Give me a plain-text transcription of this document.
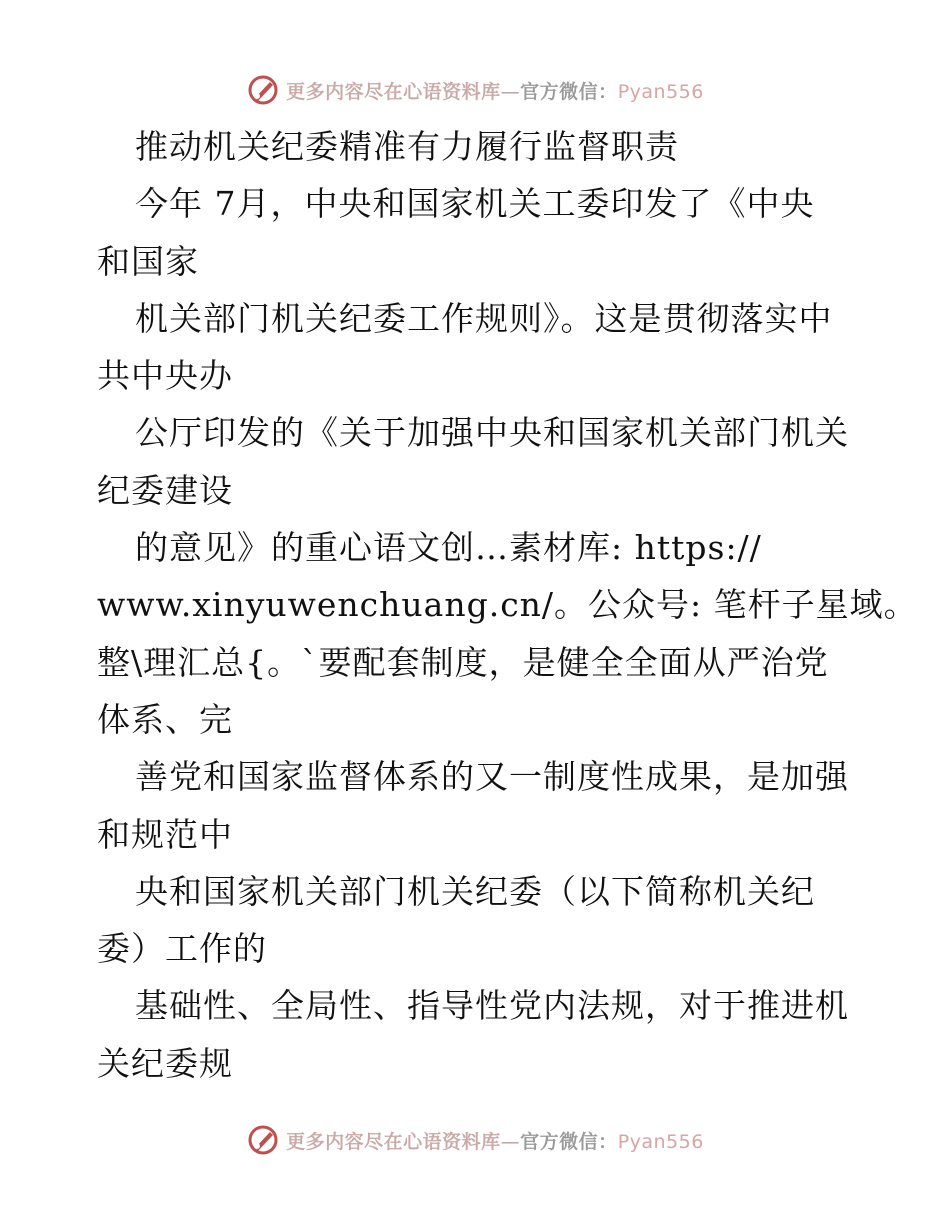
更多内容尽在心语资料库—官方微信：Pyan556
推动机关纪委精准有力履行监督职责
今年 7月，中央和国家机关工委印发了《中央
和国家
机关部门机关纪委工作规则》。这是贯彻落实中
共中央办
公厅印发的《关于加强中央和国家机关部门机关
纪委建设
的意见》的重心语文创…素材库: https://
www.xinyuwenchuang.cn/。公众号: 笔杆子星域。
整\理汇总{。`要配套制度，是健全全面从严治党
体系、完
善党和国家监督体系的又一制度性成果，是加强
和规范中
央和国家机关部门机关纪委（以下简称机关纪
委）工作的
基础性、全局性、指导性党内法规，对于推进机
关纪委规
更多内容尽在心语资料库—官方微信：Pyan556
